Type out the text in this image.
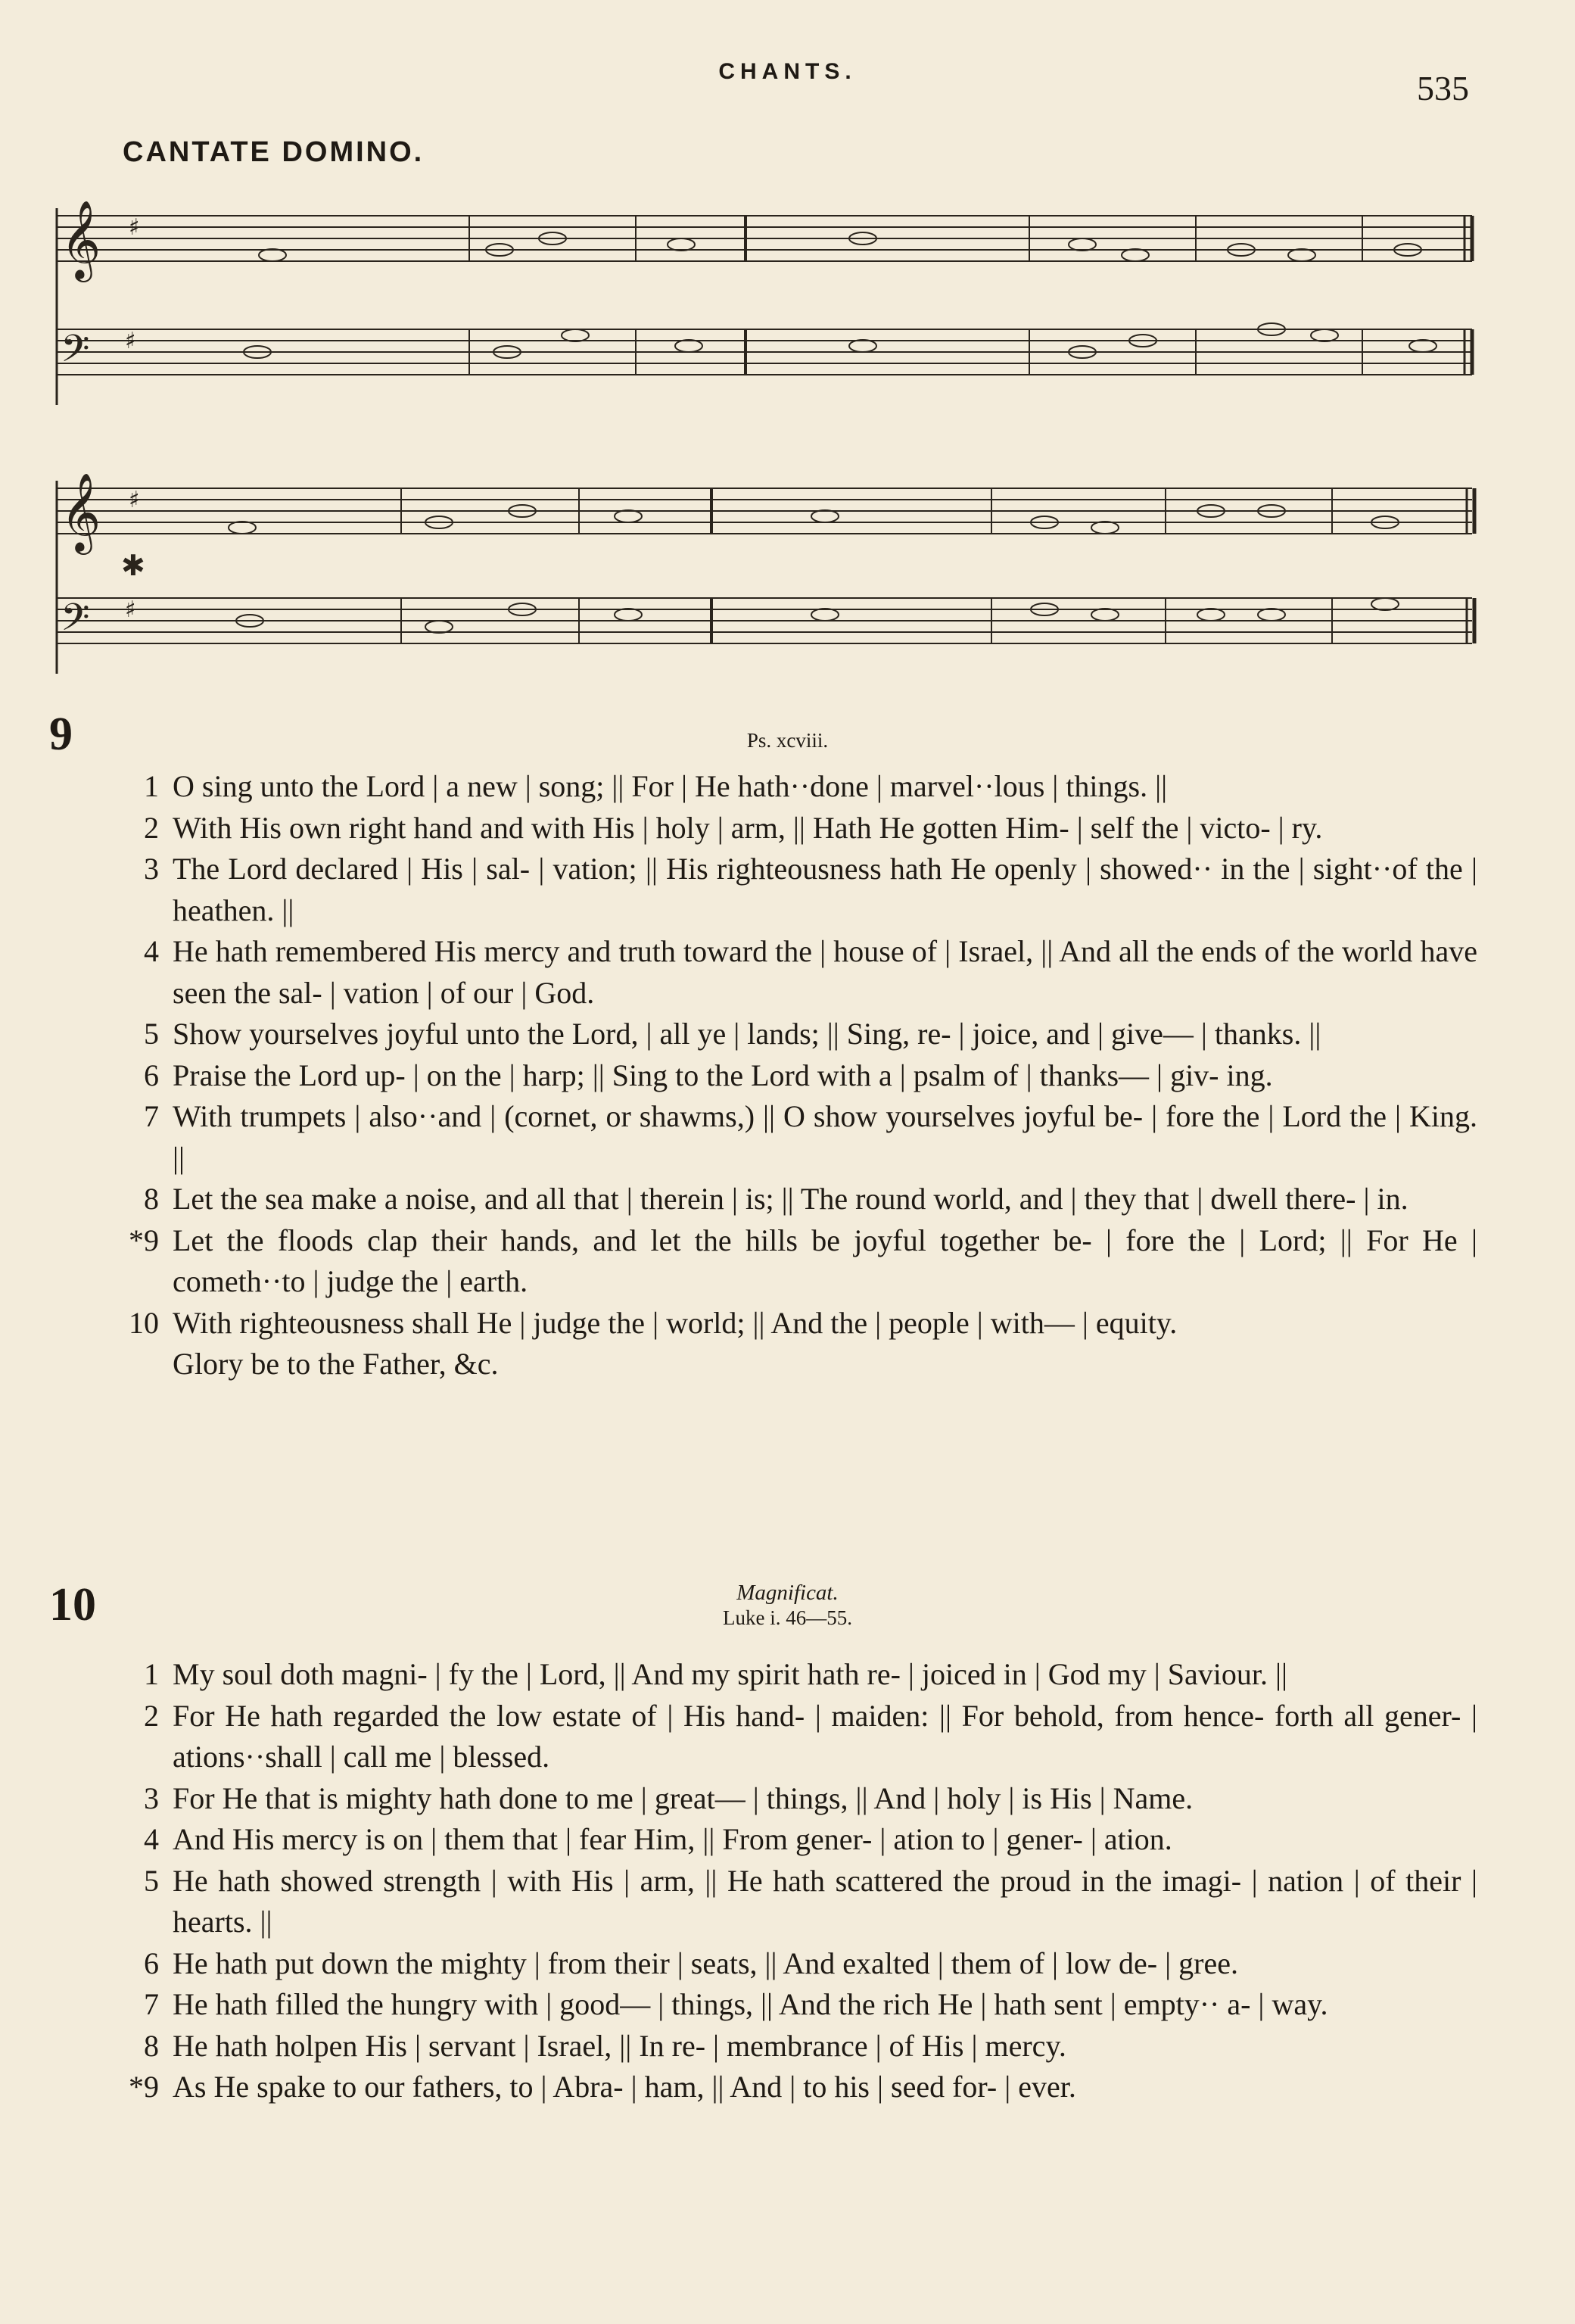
CHANTS.	535
CANTATE DOMINO.
𝄞
𝄢
♯
♯
𝄞
𝄢
♯
♯
✱
9	Ps. xcviii.
1 O sing unto the Lord | a new | song; || For | He hath··done | marvel··lous | things. ||
2 With His own right hand and with His | holy | arm, || Hath He gotten Him- | self the | victo- | ry.
3 The Lord declared | His | sal- | vation; || His righteousness hath He openly | showed·· in the | sight··of the | heathen. ||
4 He hath remembered His mercy and truth toward the | house of | Israel, || And all the ends of the world have seen the sal- | vation | of our | God.
5 Show yourselves joyful unto the Lord, | all ye | lands; || Sing, re- | joice, and | give— | thanks. ||
6 Praise the Lord up- | on the | harp; || Sing to the Lord with a | psalm of | thanks— | giv- ing.
7 With trumpets | also··and | (cornet, or shawms,) || O show yourselves joyful be- | fore the | Lord the | King. ||
8 Let the sea make a noise, and all that | therein | is; || The round world, and | they that | dwell there- | in.
*9 Let the floods clap their hands, and let the hills be joyful together be- | fore the | Lord; || For He | cometh··to | judge the | earth.
10 With righteousness shall He | judge the | world; || And the | people | with— | equity.
Glory be to the Father, &c.
10	Magnificat.
Luke i. 46—55.
1 My soul doth magni- | fy the | Lord, || And my spirit hath re- | joiced in | God my | Saviour. ||
2 For He hath regarded the low estate of | His hand- | maiden: || For behold, from hence- forth all gener- | ations··shall | call me | blessed.
3 For He that is mighty hath done to me | great— | things, || And | holy | is His | Name.
4 And His mercy is on | them that | fear Him, || From gener- | ation to | gener- | ation.
5 He hath showed strength | with His | arm, || He hath scattered the proud in the imagi- | nation | of their | hearts. ||
6 He hath put down the mighty | from their | seats, || And exalted | them of | low de- | gree.
7 He hath filled the hungry with | good— | things, || And the rich He | hath sent | empty·· a- | way.
8 He hath holpen His | servant | Israel, || In re- | membrance | of His | mercy.
*9 As He spake to our fathers, to | Abra- | ham, || And | to his | seed for- | ever.
